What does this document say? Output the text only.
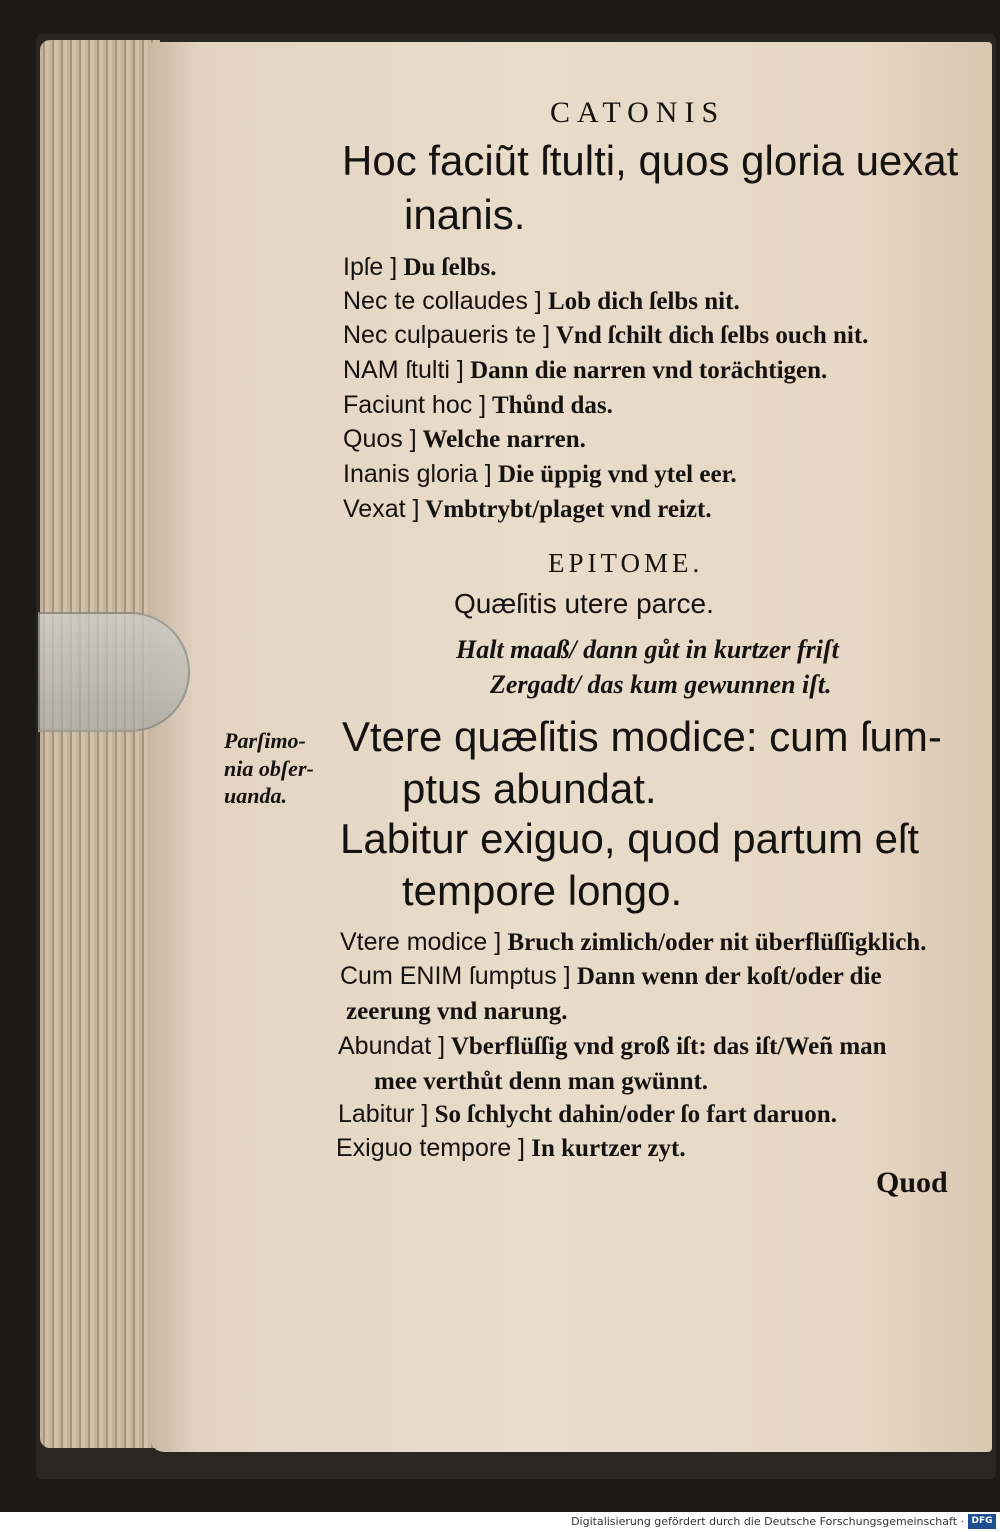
CATONIS
Hoc faciũt ſtulti, quos gloria uexat
inanis.
Ipſe ] Du ſelbs.
Nec te collaudes ] Lob dich ſelbs nit.
Nec culpaueris te ] Vnd ſchilt dich ſelbs ouch nit.
NAM ſtulti ] Dann die narren vnd torächtigen.
Faciunt hoc ] Thůnd das.
Quos ] Welche narren.
Inanis gloria ] Die üppig vnd ytel eer.
Vexat ] Vmbtrybt/plaget vnd reizt.
EPITOME.
Quæſitis utere parce.
Halt maaß/ dann gůt in kurtzer friſt
Zergadt/ das kum gewunnen iſt.
Parſimo-
nia obſer-
uanda.
Vtere quæſitis modice: cum ſum-
ptus abundat.
Labitur exiguo, quod partum eſt
tempore longo.
Vtere modice ] Bruch zimlich/oder nit überflüſſigklich.
Cum ENIM ſumptus ] Dann wenn der koſt/oder die
zeerung vnd narung.
Abundat ] Vberflüſſig vnd groß iſt: das iſt/Weñ man
mee verthůt denn man gwünnt.
Labitur ] So ſchlycht dahin/oder ſo fart daruon.
Exiguo tempore ] In kurtzer zyt.
Quod
Digitalisierung gefördert durch die Deutsche Forschungsgemeinschaft · DFG
